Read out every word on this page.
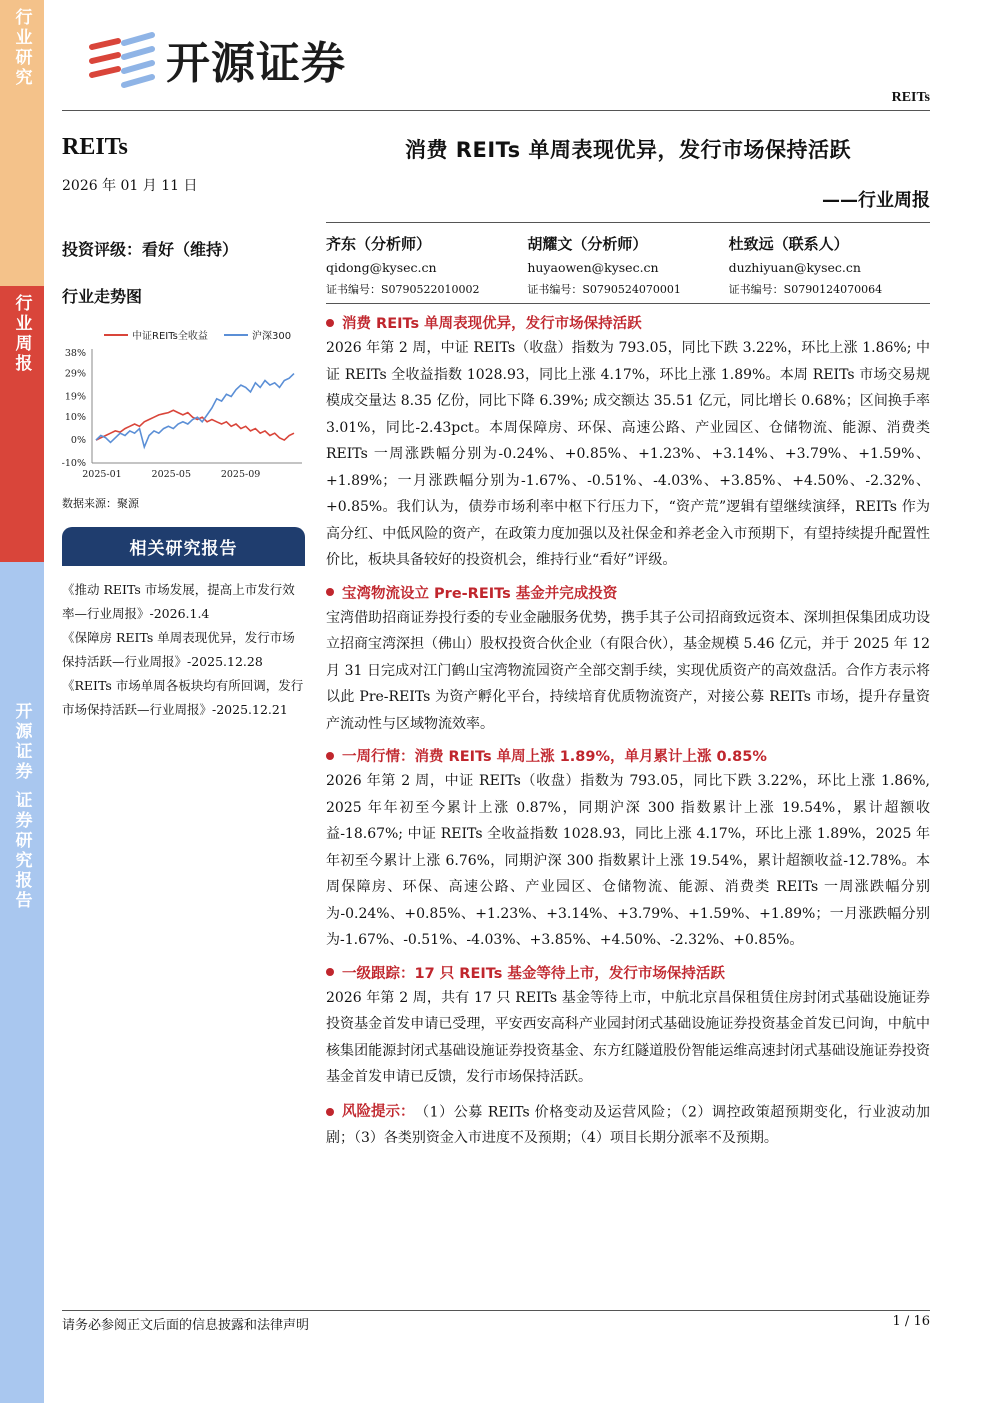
行业研究
行业周报
开源证券 证券研究报告
开源证券
REITs
REITs
2026 年 01 月 11 日
投资评级：看好（维持）
行业走势图
中证REITs全收益	沪深300
38%
29%
19%
10%
0%
-10%
2025-01	2025-05	2025-09
数据来源：聚源
相关研究报告
《推动 REITs 市场发展，提高上市发行效率—行业周报》-2026.1.4
《保障房 REITs 单周表现优异，发行市场保持活跃—行业周报》-2025.12.28
《REITs 市场单周各板块均有所回调，发行市场保持活跃—行业周报》-2025.12.21
消费 REITs 单周表现优异，发行市场保持活跃
——行业周报
齐东（分析师）
qidong@kysec.cn
证书编号：S0790522010002
胡耀文（分析师）
huyaowen@kysec.cn
证书编号：S0790524070001
杜致远（联系人）
duzhiyuan@kysec.cn
证书编号：S0790124070064
消费 REITs 单周表现优异，发行市场保持活跃
2026 年第 2 周，中证 REITs（收盘）指数为 793.05，同比下跌 3.22%，环比上涨 1.86%; 中证 REITs 全收益指数 1028.93，同比上涨 4.17%，环比上涨 1.89%。本周 REITs 市场交易规模成交量达 8.35 亿份，同比下降 6.39%; 成交额达 35.51 亿元，同比增长 0.68%；区间换手率 3.01%，同比-2.43pct。本周保障房、环保、高速公路、产业园区、仓储物流、能源、消费类 REITs 一周涨跌幅分别为-0.24%、+0.85%、+1.23%、+3.14%、+3.79%、+1.59%、+1.89%；一月涨跌幅分别为-1.67%、-0.51%、-4.03%、+3.85%、+4.50%、-2.32%、+0.85%。我们认为，债券市场利率中枢下行压力下，“资产荒”逻辑有望继续演绎，REITs 作为高分红、中低风险的资产，在政策力度加强以及社保金和养老金入市预期下，有望持续提升配置性价比，板块具备较好的投资机会，维持行业“看好”评级。
宝湾物流设立 Pre-REITs 基金并完成投资
宝湾借助招商证券投行委的专业金融服务优势，携手其子公司招商致远资本、深圳担保集团成功设立招商宝湾深担（佛山）股权投资合伙企业（有限合伙），基金规模 5.46 亿元，并于 2025 年 12 月 31 日完成对江门鹤山宝湾物流园资产全部交割手续，实现优质资产的高效盘活。合作方表示将以此 Pre-REITs 为资产孵化平台，持续培育优质物流资产，对接公募 REITs 市场，提升存量资产流动性与区域物流效率。
一周行情：消费 REITs 单周上涨 1.89%，单月累计上涨 0.85%
2026 年第 2 周，中证 REITs（收盘）指数为 793.05，同比下跌 3.22%，环比上涨 1.86%, 2025 年年初至今累计上涨 0.87%，同期沪深 300 指数累计上涨 19.54%，累计超额收益-18.67%; 中证 REITs 全收益指数 1028.93，同比上涨 4.17%，环比上涨 1.89%，2025 年年初至今累计上涨 6.76%，同期沪深 300 指数累计上涨 19.54%，累计超额收益-12.78%。本周保障房、环保、高速公路、产业园区、仓储物流、能源、消费类 REITs 一周涨跌幅分别为-0.24%、+0.85%、+1.23%、+3.14%、+3.79%、+1.59%、+1.89%；一月涨跌幅分别为-1.67%、-0.51%、-4.03%、+3.85%、+4.50%、-2.32%、+0.85%。
一级跟踪：17 只 REITs 基金等待上市，发行市场保持活跃
2026 年第 2 周，共有 17 只 REITs 基金等待上市，中航北京昌保租赁住房封闭式基础设施证券投资基金首发申请已受理，平安西安高科产业园封闭式基础设施证券投资基金首发已问询，中航中核集团能源封闭式基础设施证券投资基金、东方红隧道股份智能运维高速封闭式基础设施证券投资基金首发申请已反馈，发行市场保持活跃。
风险提示： （1）公募 REITs 价格变动及运营风险；（2）调控政策超预期变化，行业波动加剧；（3）各类别资金入市进度不及预期；（4）项目长期分派率不及预期。
请务必参阅正文后面的信息披露和法律声明	1 / 16
